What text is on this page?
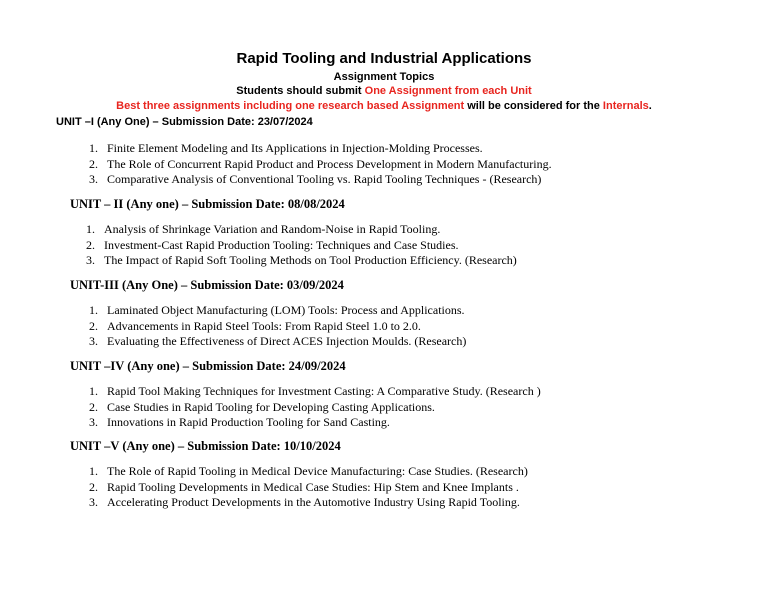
Rapid Tooling and Industrial Applications
Assignment Topics
Students should submit One Assignment from each Unit
Best three assignments including one research based Assignment will be considered for the Internals.
UNIT –I (Any One) – Submission Date: 23/07/2024
1. Finite Element Modeling and Its Applications in Injection-Molding Processes.
2. The Role of Concurrent Rapid Product and Process Development in Modern Manufacturing.
3. Comparative Analysis of Conventional Tooling vs. Rapid Tooling Techniques - (Research)
UNIT – II (Any one) – Submission Date: 08/08/2024
1. Analysis of Shrinkage Variation and Random-Noise in Rapid Tooling.
2. Investment-Cast Rapid Production Tooling: Techniques and Case Studies.
3. The Impact of Rapid Soft Tooling Methods on Tool Production Efficiency. (Research)
UNIT-III (Any One) – Submission Date: 03/09/2024
1. Laminated Object Manufacturing (LOM) Tools: Process and Applications.
2. Advancements in Rapid Steel Tools: From Rapid Steel 1.0 to 2.0.
3. Evaluating the Effectiveness of Direct ACES Injection Moulds. (Research)
UNIT –IV (Any one) – Submission Date: 24/09/2024
1. Rapid Tool Making Techniques for Investment Casting: A Comparative Study. (Research )
2. Case Studies in Rapid Tooling for Developing Casting Applications.
3. Innovations in Rapid Production Tooling for Sand Casting.
UNIT –V (Any one) – Submission Date: 10/10/2024
1. The Role of Rapid Tooling in Medical Device Manufacturing: Case Studies. (Research)
2. Rapid Tooling Developments in Medical Case Studies: Hip Stem and Knee Implants .
3. Accelerating Product Developments in the Automotive Industry Using Rapid Tooling.
